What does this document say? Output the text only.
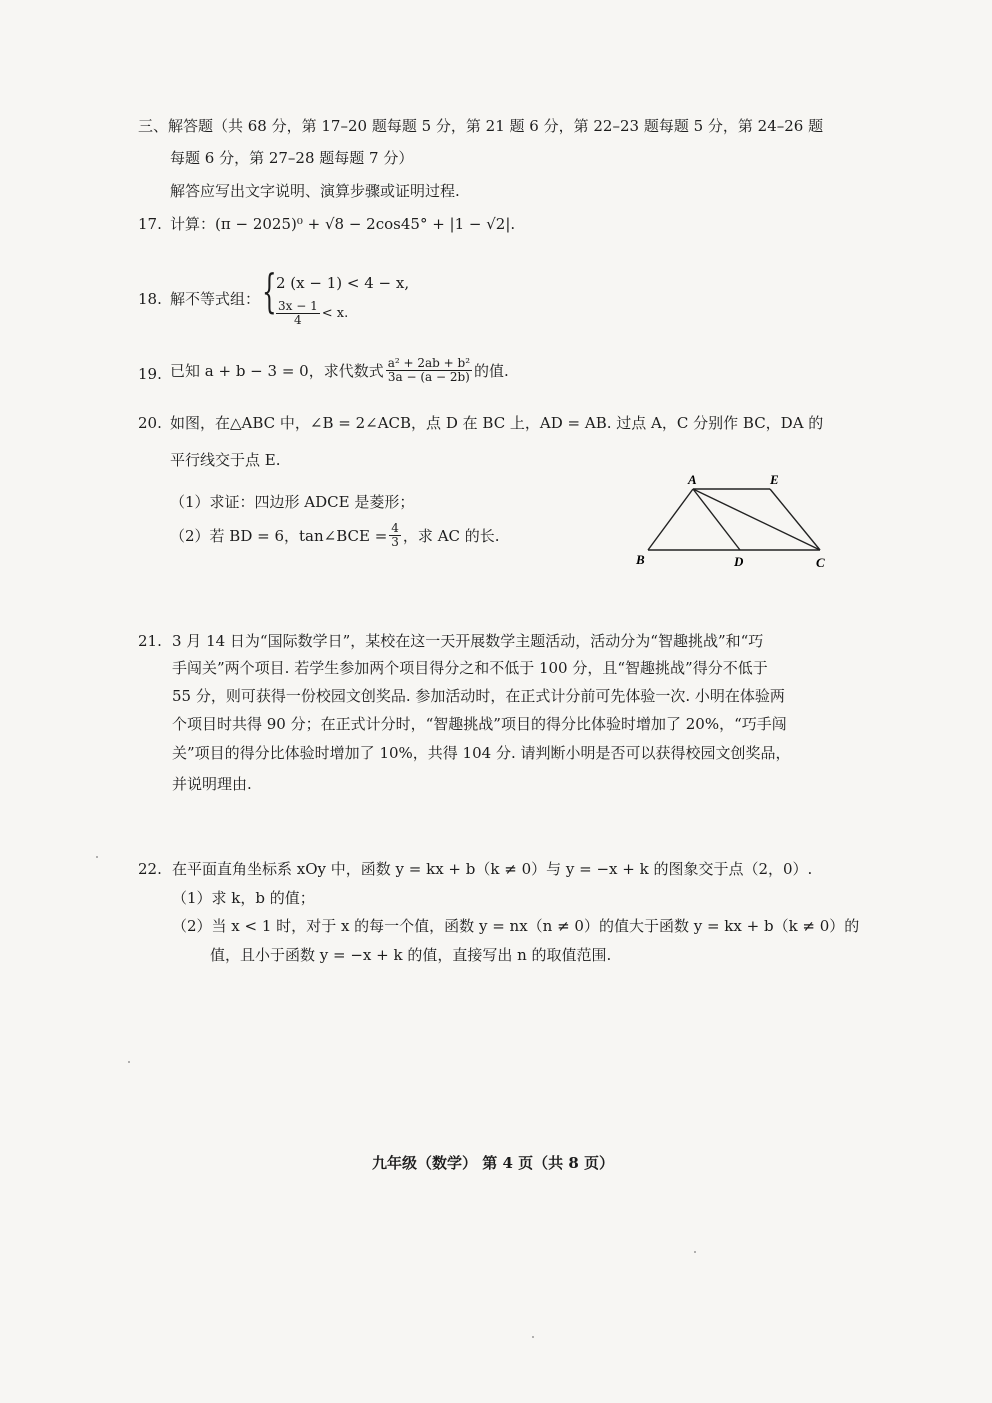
三、解答题（共 68 分，第 17–20 题每题 5 分，第 21 题 6 分，第 22–23 题每题 5 分，第 24–26 题
每题 6 分，第 27–28 题每题 7 分）
解答应写出文字说明、演算步骤或证明过程.
17. 计算：(π − 2025)⁰ + √8 − 2cos45° + |1 − √2|.
18. 解不等式组： { 2 (x − 1) < 4 − x,
$\frac{3x - 1}{4} < x$.
19. 已知 a + b − 3 = 0，求代数式 $\frac{\text{a² + 2ab + b²}}{3a - (a - 2b)}$ 的值.
20. 如图，在△ABC 中，∠B = 2∠ACB，点 D 在 BC 上，AD = AB. 过点 A，C 分别作 BC，DA 的
平行线交于点 E.
（1）求证：四边形 ADCE 是菱形；
（2）若 BD = 6，tan∠BCE = $\frac{4}{3}$ ，求 AC 的长.
A	E
B	D	C
21. 3 月 14 日为“国际数学日”，某校在这一天开展数学主题活动，活动分为“智趣挑战”和“巧
手闯关”两个项目. 若学生参加两个项目得分之和不低于 100 分，且“智趣挑战”得分不低于
55 分，则可获得一份校园文创奖品. 参加活动时，在正式计分前可先体验一次. 小明在体验两
个项目时共得 90 分；在正式计分时，“智趣挑战”项目的得分比体验时增加了 20%，“巧手闯
关”项目的得分比体验时增加了 10%，共得 104 分. 请判断小明是否可以获得校园文创奖品，
并说明理由.
22. 在平面直角坐标系 xOy 中，函数 y = kx + b（k ≠ 0）与 y = −x + k 的图象交于点（2，0）.
（1）求 k，b 的值；
（2）当 x < 1 时，对于 x 的每一个值，函数 y = nx（n ≠ 0）的值大于函数 y = kx + b（k ≠ 0）的
值，且小于函数 y = −x + k 的值，直接写出 n 的取值范围.
九年级（数学） 第 4 页（共 8 页）
